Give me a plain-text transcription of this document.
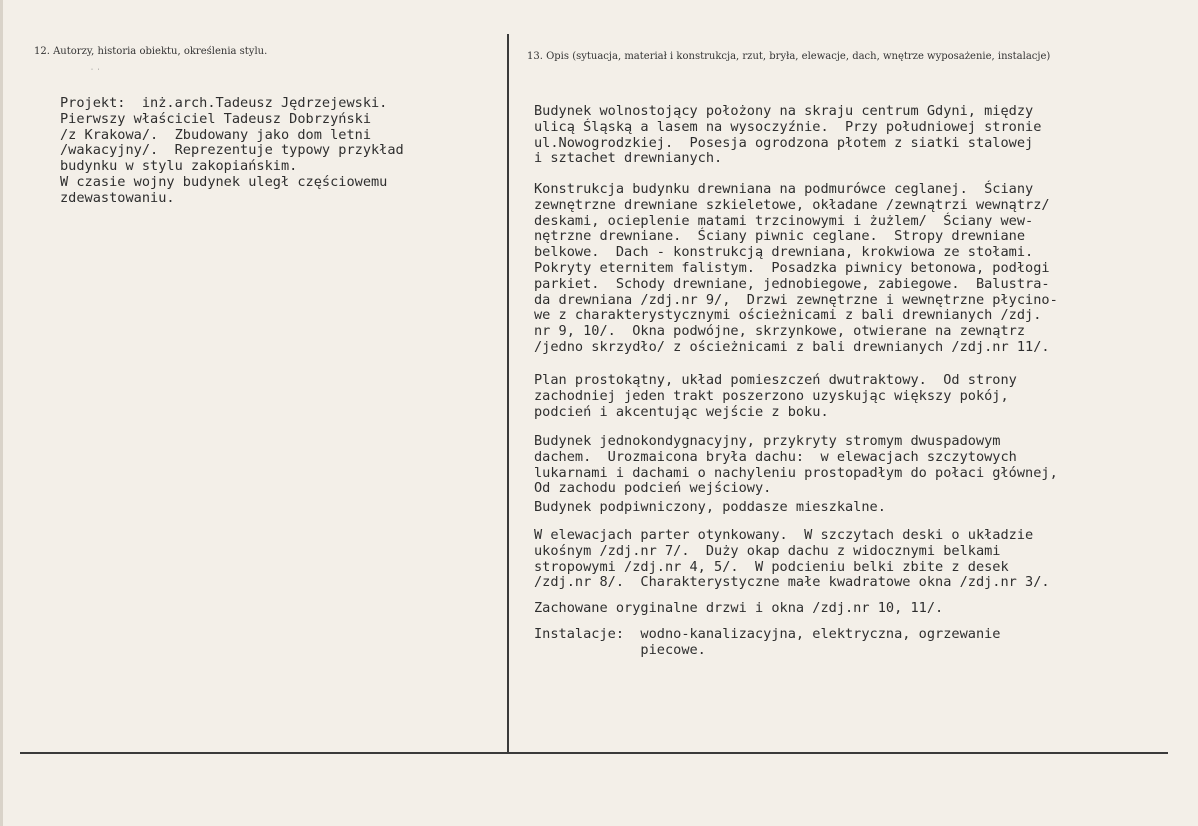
12. Autorzy, historia obiektu, określenia stylu.	13. Opis (sytuacja, materiał i konstrukcja, rzut, bryła, elewacje, dach, wnętrze wyposażenie, instalacje)
˙ ˙
Projekt:  inż.arch.Tadeusz Jędrzejewski.
Pierwszy właściciel Tadeusz Dobrzyński
/z Krakowa/.  Zbudowany jako dom letni
/wakacyjny/.  Reprezentuje typowy przykład
budynku w stylu zakopiańskim.
W czasie wojny budynek uległ częściowemu
zdewastowaniu.
Budynek wolnostojący położony na skraju centrum Gdyni, między
ulicą Śląską a lasem na wysoczyźnie.  Przy południowej stronie
ul.Nowogrodzkiej.  Posesja ogrodzona płotem z siatki stalowej
i sztachet drewnianych.
Konstrukcja budynku drewniana na podmurówce ceglanej.  Ściany
zewnętrzne drewniane szkieletowe, okładane /zewnątrzi wewnątrz/
deskami, ocieplenie matami trzcinowymi i żużlem/  Ściany wew-
nętrzne drewniane.  Ściany piwnic ceglane.  Stropy drewniane
belkowe.  Dach - konstrukcją drewniana, krokwiowa ze stołami.
Pokryty eternitem falistym.  Posadzka piwnicy betonowa, podłogi
parkiet.  Schody drewniane, jednobiegowe, zabiegowe.  Balustra-
da drewniana /zdj.nr 9/,  Drzwi zewnętrzne i wewnętrzne płycino-
we z charakterystycznymi ościeżnicami z bali drewnianych /zdj.
nr 9, 10/.  Okna podwójne, skrzynkowe, otwierane na zewnątrz
/jedno skrzydło/ z ościeżnicami z bali drewnianych /zdj.nr 11/.
Plan prostokątny, układ pomieszczeń dwutraktowy.  Od strony
zachodniej jeden trakt poszerzono uzyskując większy pokój,
podcień i akcentując wejście z boku.
Budynek jednokondygnacyjny, przykryty stromym dwuspadowym
dachem.  Urozmaicona bryła dachu:  w elewacjach szczytowych
lukarnami i dachami o nachyleniu prostopadłym do połaci głównej,
Od zachodu podcień wejściowy.
Budynek podpiwniczony, poddasze mieszkalne.
W elewacjach parter otynkowany.  W szczytach deski o układzie
ukośnym /zdj.nr 7/.  Duży okap dachu z widocznymi belkami
stropowymi /zdj.nr 4, 5/.  W podcieniu belki zbite z desek
/zdj.nr 8/.  Charakterystyczne małe kwadratowe okna /zdj.nr 3/.
Zachowane oryginalne drzwi i okna /zdj.nr 10, 11/.
Instalacje:  wodno-kanalizacyjna, elektryczna, ogrzewanie
piecowe.
